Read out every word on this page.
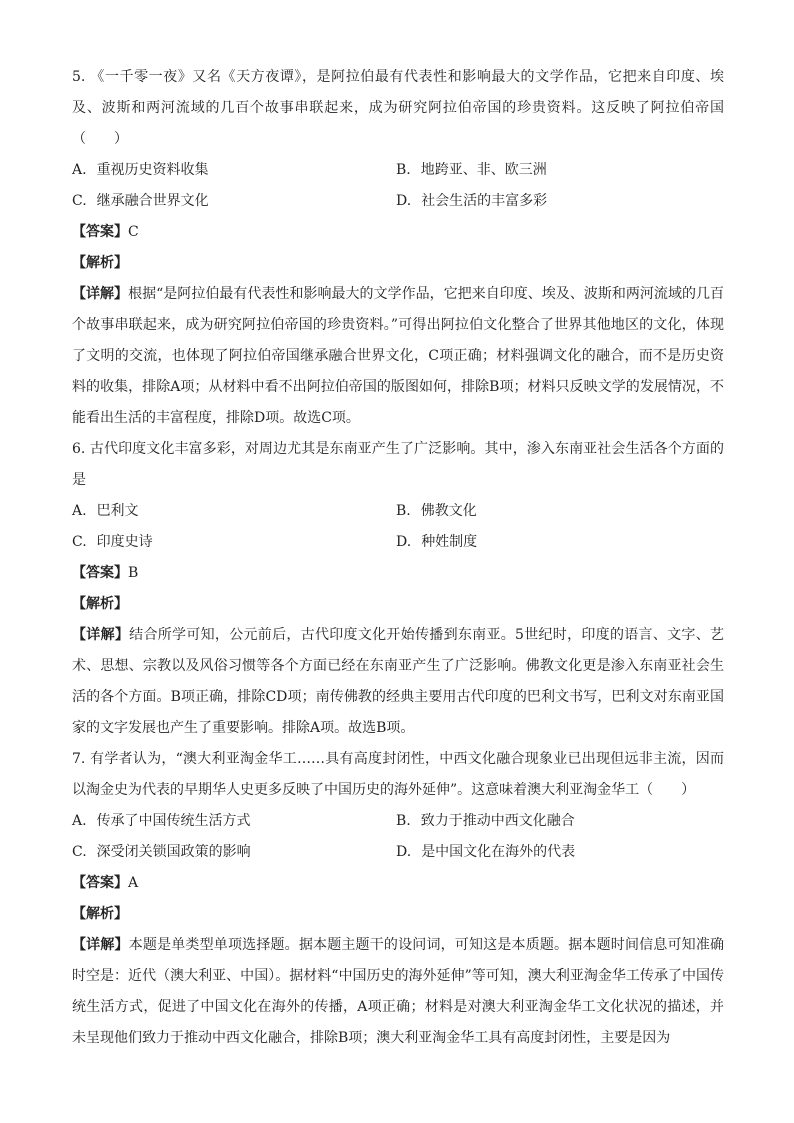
5. 《一千零一夜》又名《天方夜谭》，是阿拉伯最有代表性和影响最大的文学作品，它把来自印度、埃及、波斯和两河流域的几百个故事串联起来，成为研究阿拉伯帝国的珍贵资料。这反映了阿拉伯帝国（　　）

A. 重视历史资料收集	B. 地跨亚、非、欧三洲
C. 继承融合世界文化	D. 社会生活的丰富多彩

【答案】C

【解析】

【详解】根据“是阿拉伯最有代表性和影响最大的文学作品，它把来自印度、埃及、波斯和两河流域的几百个故事串联起来，成为研究阿拉伯帝国的珍贵资料。”可得出阿拉伯文化整合了世界其他地区的文化，体现了文明的交流，也体现了阿拉伯帝国继承融合世界文化，C项正确；材料强调文化的融合，而不是历史资料的收集，排除A项；从材料中看不出阿拉伯帝国的版图如何，排除B项；材料只反映文学的发展情况，不能看出生活的丰富程度，排除D项。故选C项。

6. 古代印度文化丰富多彩，对周边尤其是东南亚产生了广泛影响。其中，渗入东南亚社会生活各个方面的是

A. 巴利文	B. 佛教文化
C. 印度史诗	D. 种姓制度

【答案】B

【解析】

【详解】结合所学可知，公元前后，古代印度文化开始传播到东南亚。5世纪时，印度的语言、文字、艺术、思想、宗教以及风俗习惯等各个方面已经在东南亚产生了广泛影响。佛教文化更是渗入东南亚社会生活的各个方面。B项正确，排除CD项；南传佛教的经典主要用古代印度的巴利文书写，巴利文对东南亚国家的文字发展也产生了重要影响。排除A项。故选B项。

7. 有学者认为，“澳大利亚淘金华工……具有高度封闭性，中西文化融合现象业已出现但远非主流，因而以淘金史为代表的早期华人史更多反映了中国历史的海外延伸”。这意味着澳大利亚淘金华工（　　）

A. 传承了中国传统生活方式	B. 致力于推动中西文化融合
C. 深受闭关锁国政策的影响	D. 是中国文化在海外的代表

【答案】A

【解析】

【详解】本题是单类型单项选择题。据本题主题干的设问词，可知这是本质题。据本题时间信息可知准确时空是：近代（澳大利亚、中国）。据材料“中国历史的海外延伸”等可知，澳大利亚淘金华工传承了中国传统生活方式，促进了中国文化在海外的传播，A项正确；材料是对澳大利亚淘金华工文化状况的描述，并未呈现他们致力于推动中西文化融合，排除B项；澳大利亚淘金华工具有高度封闭性，主要是因为
